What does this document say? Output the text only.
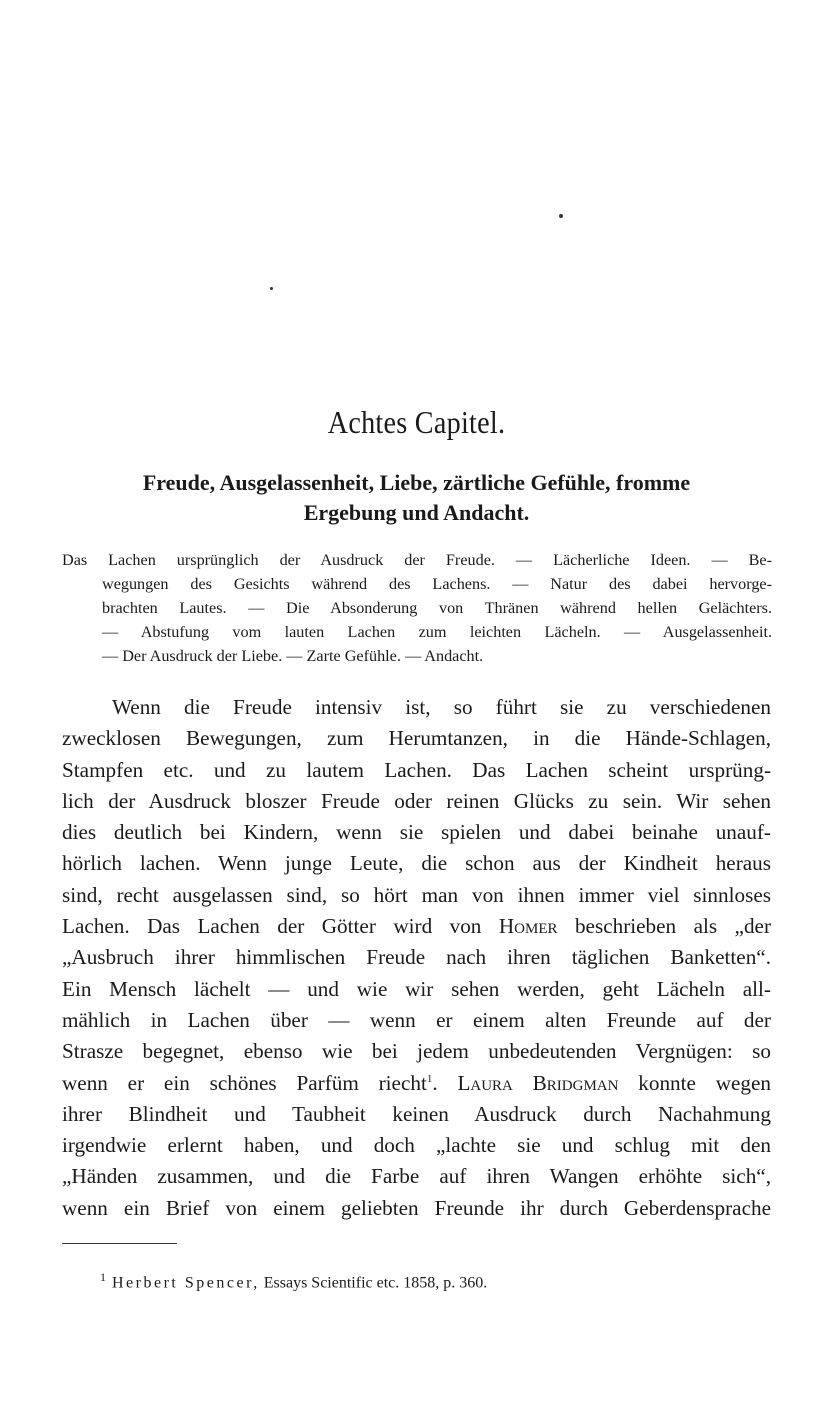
Achtes Capitel.
Freude, Ausgelassenheit, Liebe, zärtliche Gefühle, fromme
Ergebung und Andacht.
Das Lachen ursprünglich der Ausdruck der Freude. — Lächerliche Ideen. — Be-
wegungen des Gesichts während des Lachens. — Natur des dabei hervorge-
brachten Lautes. — Die Absonderung von Thränen während hellen Gelächters.
— Abstufung vom lauten Lachen zum leichten Lächeln. — Ausgelassenheit.
— Der Ausdruck der Liebe. — Zarte Gefühle. — Andacht.
Wenn die Freude intensiv ist, so führt sie zu verschiedenen
zwecklosen Bewegungen, zum Herumtanzen, in die Hände-Schlagen,
Stampfen etc. und zu lautem Lachen. Das Lachen scheint ursprüng-
lich der Ausdruck bloszer Freude oder reinen Glücks zu sein. Wir sehen
dies deutlich bei Kindern, wenn sie spielen und dabei beinahe unauf-
hörlich lachen. Wenn junge Leute, die schon aus der Kindheit heraus
sind, recht ausgelassen sind, so hört man von ihnen immer viel sinnloses
Lachen. Das Lachen der Götter wird von Homer beschrieben als „der
„Ausbruch ihrer himmlischen Freude nach ihren täglichen Banketten“.
Ein Mensch lächelt — und wie wir sehen werden, geht Lächeln all-
mählich in Lachen über — wenn er einem alten Freunde auf der
Strasze begegnet, ebenso wie bei jedem unbedeutenden Vergnügen: so
wenn er ein schönes Parfüm riecht$^1$. Laura Bridgman konnte wegen
ihrer Blindheit und Taubheit keinen Ausdruck durch Nachahmung
irgendwie erlernt haben, und doch „lachte sie und schlug mit den
„Händen zusammen, und die Farbe auf ihren Wangen erhöhte sich“,
wenn ein Brief von einem geliebten Freunde ihr durch Geberdensprache
$^1$ Herbert Spencer, Essays Scientific etc. 1858, p. 360.
